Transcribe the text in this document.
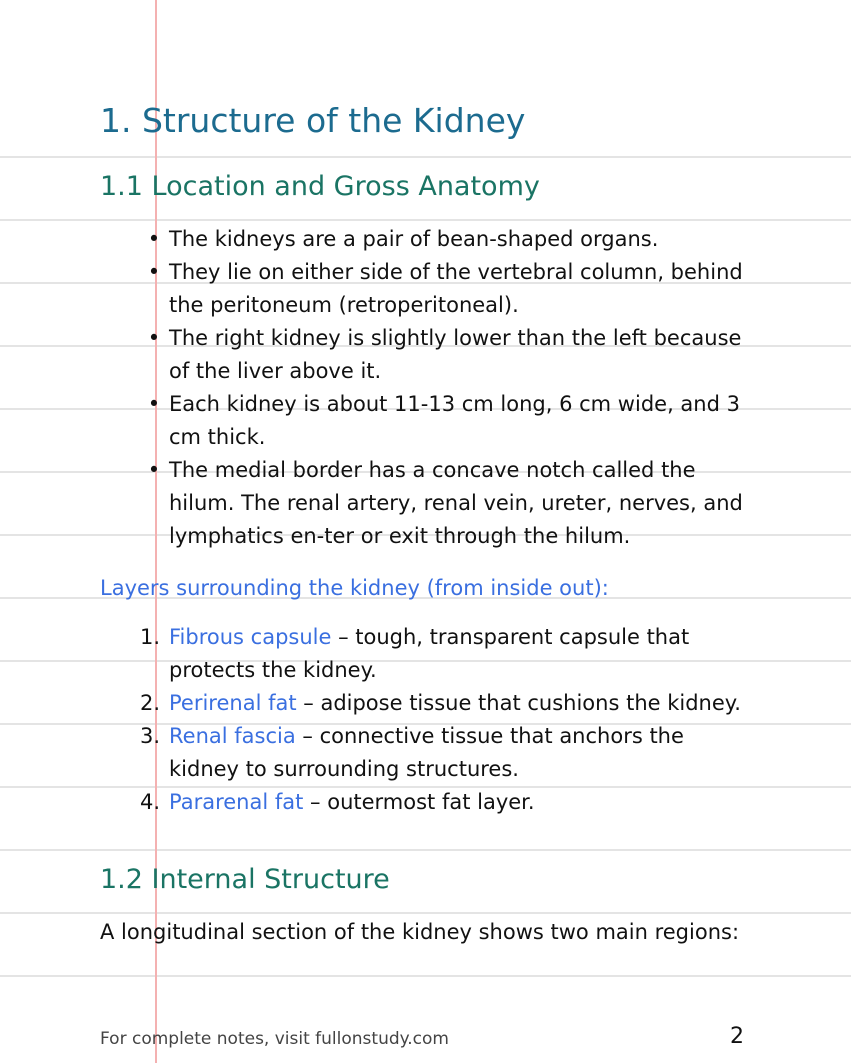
1. Structure of the Kidney
1.1 Location and Gross Anatomy
• The kidneys are a pair of bean-shaped organs.
• They lie on either side of the vertebral column, behind the peritoneum (retroperitoneal).
• The right kidney is slightly lower than the left because of the liver above it.
• Each kidney is about 11-13 cm long, 6 cm wide, and 3 cm thick.
• The medial border has a concave notch called the hilum. The renal artery, renal vein, ureter, nerves, and lymphatics en-ter or exit through the hilum.
Layers surrounding the kidney (from inside out):
1. Fibrous capsule – tough, transparent capsule that protects the kidney.
2. Perirenal fat – adipose tissue that cushions the kidney.
3. Renal fascia – connective tissue that anchors the kidney to surrounding structures.
4. Pararenal fat – outermost fat layer.
1.2 Internal Structure

A longitudinal section of the kidney shows two main regions:

For complete notes, visit fullonstudy.com	2
